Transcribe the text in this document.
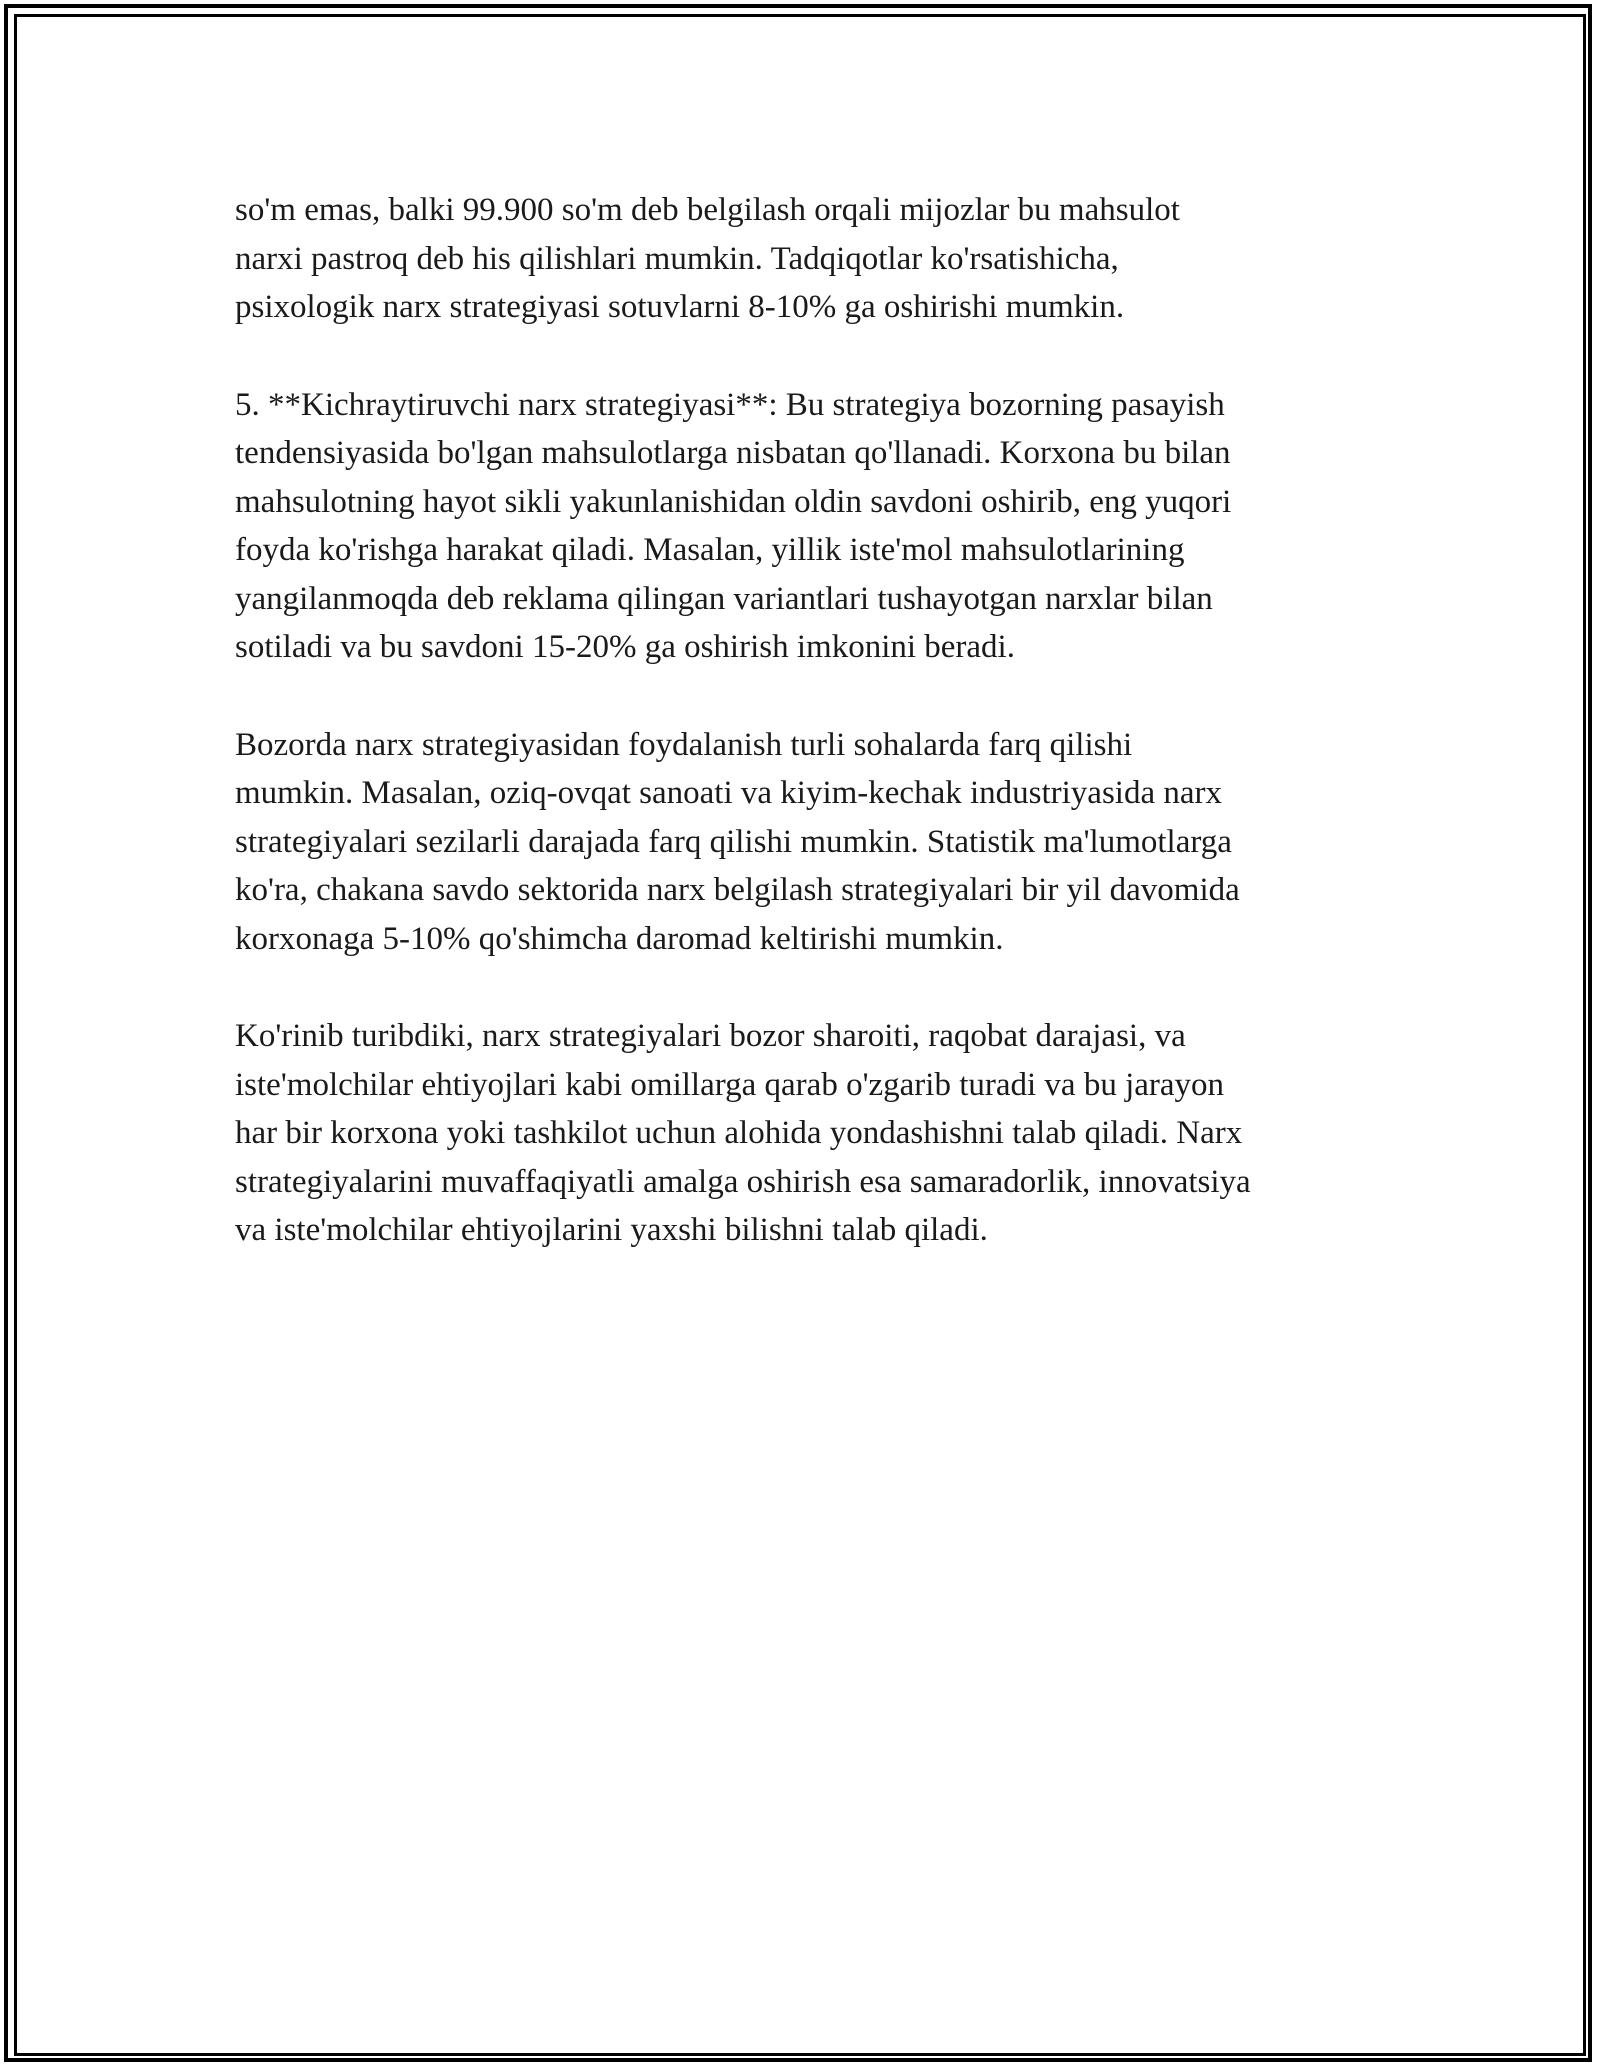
so'm emas, balki 99.900 so'm deb belgilash orqali mijozlar bu mahsulot
narxi pastroq deb his qilishlari mumkin. Tadqiqotlar ko'rsatishicha,
psixologik narx strategiyasi sotuvlarni 8-10% ga oshirishi mumkin.

5. **Kichraytiruvchi narx strategiyasi**: Bu strategiya bozorning pasayish
tendensiyasida bo'lgan mahsulotlarga nisbatan qo'llanadi. Korxona bu bilan
mahsulotning hayot sikli yakunlanishidan oldin savdoni oshirib, eng yuqori
foyda ko'rishga harakat qiladi. Masalan, yillik iste'mol mahsulotlarining
yangilanmoqda deb reklama qilingan variantlari tushayotgan narxlar bilan
sotiladi va bu savdoni 15-20% ga oshirish imkonini beradi.

Bozorda narx strategiyasidan foydalanish turli sohalarda farq qilishi
mumkin. Masalan, oziq-ovqat sanoati va kiyim-kechak industriyasida narx
strategiyalari sezilarli darajada farq qilishi mumkin. Statistik ma'lumotlarga
ko'ra, chakana savdo sektorida narx belgilash strategiyalari bir yil davomida
korxonaga 5-10% qo'shimcha daromad keltirishi mumkin.

Ko'rinib turibdiki, narx strategiyalari bozor sharoiti, raqobat darajasi, va
iste'molchilar ehtiyojlari kabi omillarga qarab o'zgarib turadi va bu jarayon
har bir korxona yoki tashkilot uchun alohida yondashishni talab qiladi. Narx
strategiyalarini muvaffaqiyatli amalga oshirish esa samaradorlik, innovatsiya
va iste'molchilar ehtiyojlarini yaxshi bilishni talab qiladi.
